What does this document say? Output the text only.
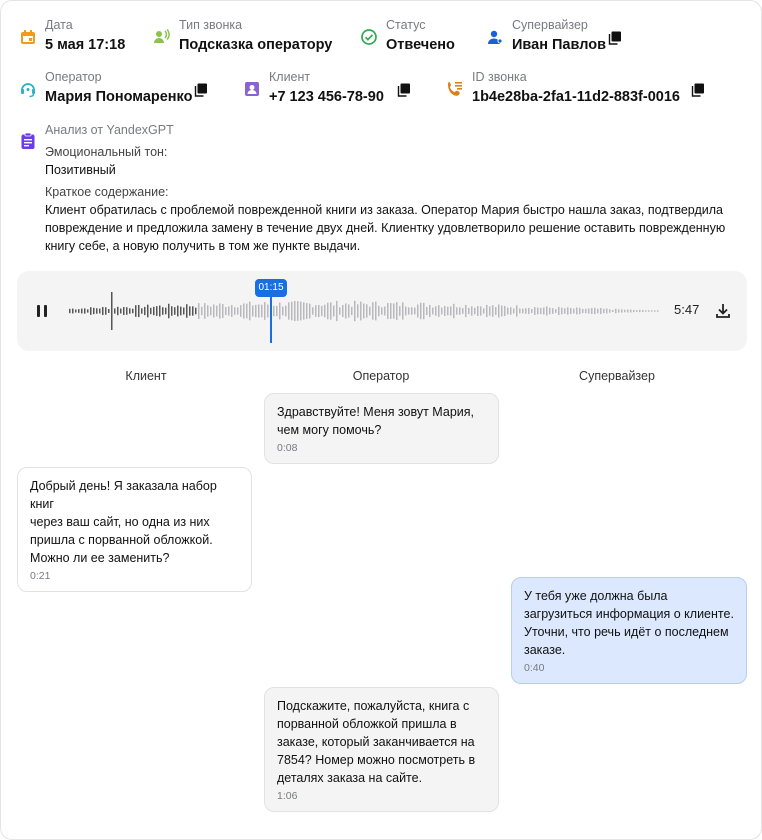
Дата
5 мая 17:18
Тип звонка
Подсказка оператору
Статус
Отвечено
Супервайзер
Иван Павлов
Оператор
Мария Пономаренко
Клиент
+7 123 456-78-90
ID звонка
1b4e28ba-2fa1-11d2-883f-0016
Анализ от YandexGPT
Эмоциональный тон:
Позитивный
Краткое содержание:
Клиент обратилась с проблемой поврежденной книги из заказа. Оператор Мария быстро нашла заказ, подтвердила
повреждение и предложила замену в течение двух дней. Клиентку удовлетворило решение оставить поврежденную
книгу себе, а новую получить в том же пункте выдачи.
01:15
5:47
Клиент	Оператор	Супервайзер
Здравствуйте! Меня зовут Мария,
чем могу помочь?
0:08
Добрый день! Я заказала набор книг
через ваш сайт, но одна из них
пришла с порванной обложкой.
Можно ли ее заменить?
0:21
У тебя уже должна была
загрузиться информация о клиенте.
Уточни, что речь идёт о последнем
заказе.
0:40
Подскажите, пожалуйста, книга с
порванной обложкой пришла в
заказе, который заканчивается на
7854? Номер можно посмотреть в
деталях заказа на сайте.
1:06
